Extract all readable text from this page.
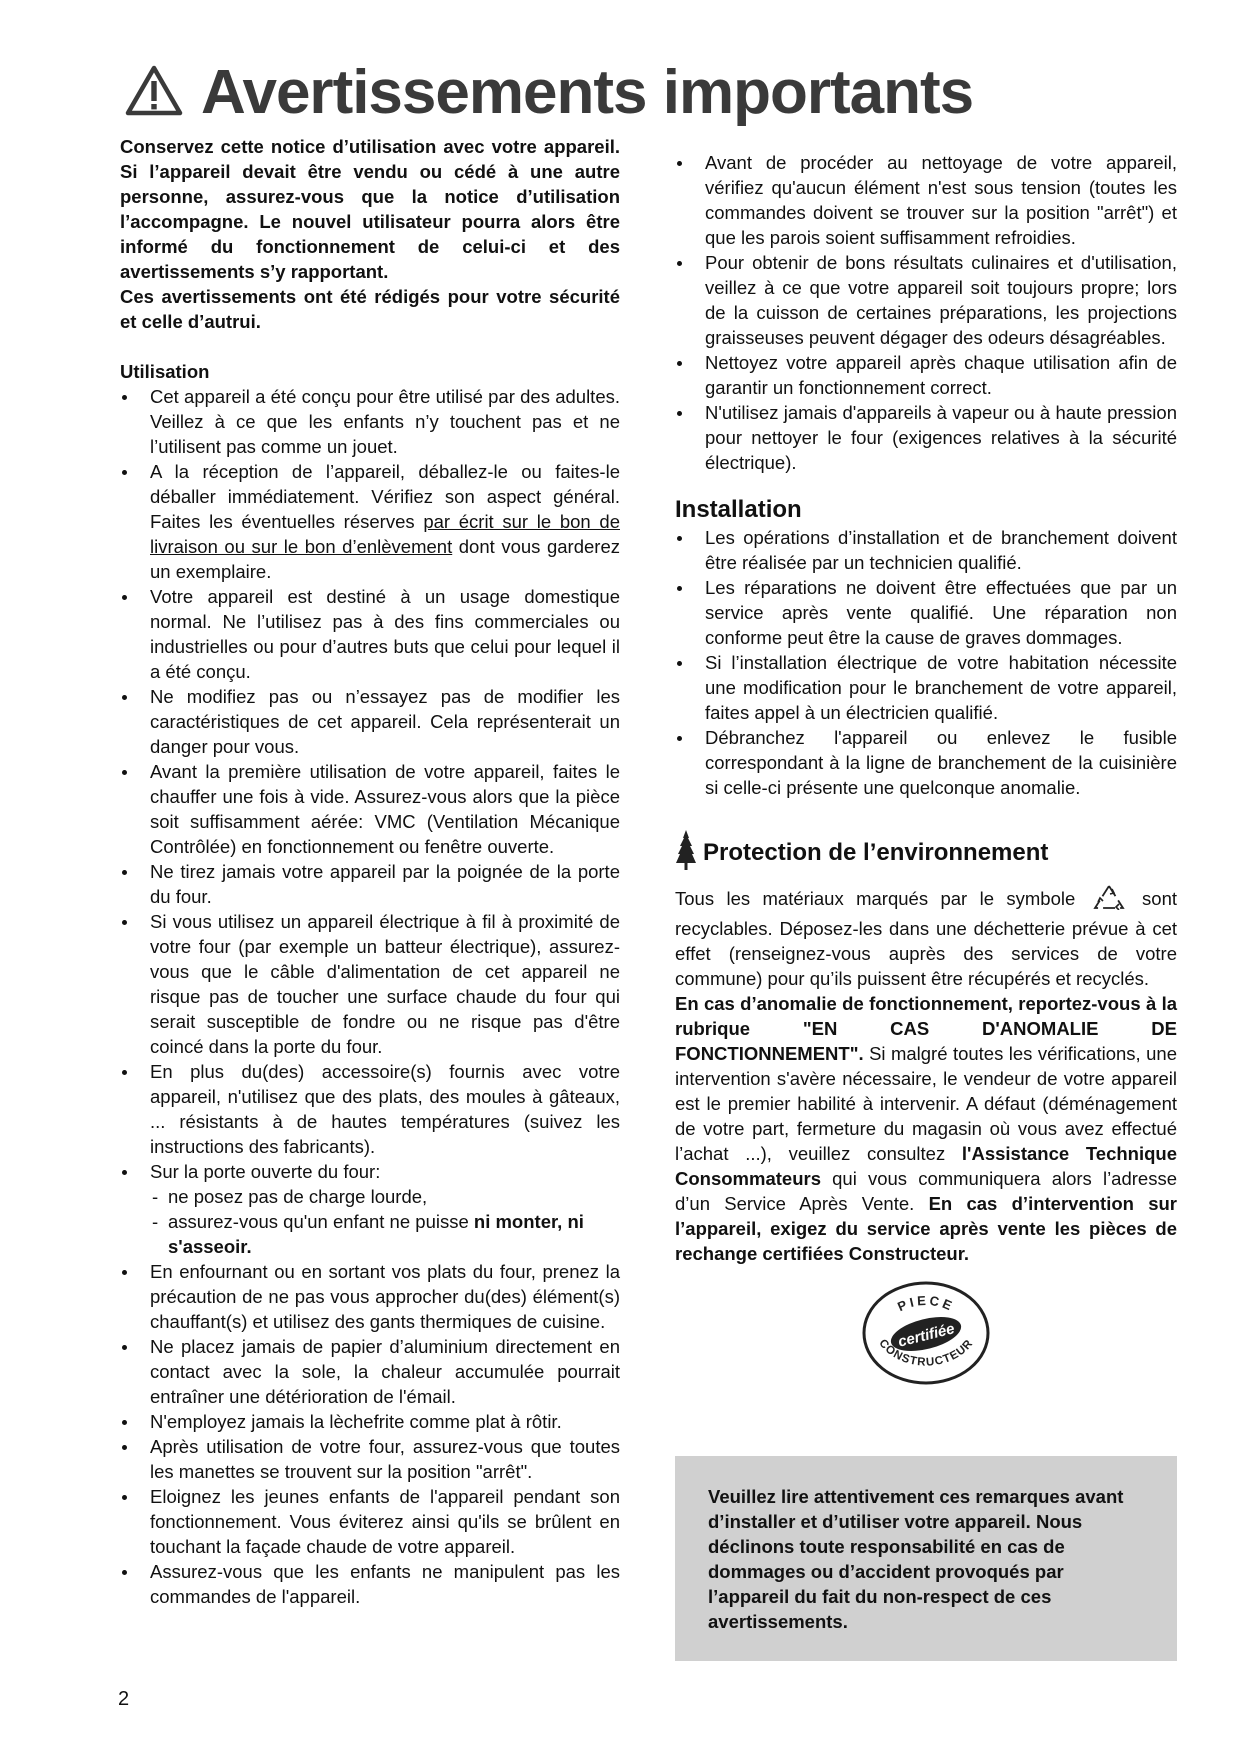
Avertissements importants

Conservez cette notice d’utilisation avec votre appareil. Si l’appareil devait être vendu ou cédé à une autre personne, assurez-vous que la notice d’utilisation l’accompagne. Le nouvel utilisateur pourra alors être informé du fonctionnement de celui-ci et des avertissements s’y rapportant.

Ces avertissements ont été rédigés pour votre sécurité et celle d’autrui.

Utilisation
Cet appareil a été conçu pour être utilisé par des adultes. Veillez à ce que les enfants n’y touchent pas et ne l’utilisent pas comme un jouet.
A la réception de l’appareil, déballez-le ou faites-le déballer immédiatement. Vérifiez son aspect général. Faites les éventuelles réserves par écrit sur le bon de livraison ou sur le bon d’enlèvement dont vous garderez un exemplaire.
Votre appareil est destiné à un usage domestique normal. Ne l’utilisez pas à des fins commerciales ou industrielles ou pour d’autres buts que celui pour lequel il a été conçu.
Ne modifiez pas ou n’essayez pas de modifier les caractéristiques de cet appareil. Cela représenterait un danger pour vous.
Avant la première utilisation de votre appareil, faites le chauffer une fois à vide. Assurez-vous alors que la pièce soit suffisamment aérée: VMC (Ventilation Mécanique Contrôlée) en fonctionnement ou fenêtre ouverte.
Ne tirez jamais votre appareil par la poignée de la porte du four.
Si vous utilisez un appareil électrique à fil à proximité de votre four (par exemple un batteur électrique), assurez-vous que le câble d'alimentation de cet appareil ne risque pas de toucher une surface chaude du four qui serait susceptible de fondre ou ne risque pas d'être coincé dans la porte du four.
En plus du(des) accessoire(s) fournis avec votre appareil, n'utilisez que des plats, des moules à gâteaux, ... résistants à de hautes températures (suivez les instructions des fabricants).
Sur la porte ouverte du four:
- ne posez pas de charge lourde,
- assurez-vous qu'un enfant ne puisse ni monter, ni s'asseoir.
En enfournant ou en sortant vos plats du four, prenez la précaution de ne pas vous approcher du(des) élément(s) chauffant(s) et utilisez des gants thermiques de cuisine.
Ne placez jamais de papier d’aluminium directement en contact avec la sole, la chaleur accumulée pourrait entraîner une détérioration de l'émail.
N'employez jamais la lèchefrite comme plat à rôtir.
Après utilisation de votre four, assurez-vous que toutes les manettes se trouvent sur la position "arrêt".
Eloignez les jeunes enfants de l'appareil pendant son fonctionnement. Vous éviterez ainsi qu'ils se brûlent en touchant la façade chaude de votre appareil.
Assurez-vous que les enfants ne manipulent pas les commandes de l'appareil.
Avant de procéder au nettoyage de votre appareil, vérifiez qu'aucun élément n'est sous tension (toutes les commandes doivent se trouver sur la position "arrêt") et que les parois soient suffisamment refroidies.
Pour obtenir de bons résultats culinaires et d'utilisation, veillez à ce que votre appareil soit toujours propre; lors de la cuisson de certaines préparations, les projections graisseuses peuvent dégager des odeurs désagréables.
Nettoyez votre appareil après chaque utilisation afin de garantir un fonctionnement correct.
N'utilisez jamais d'appareils à vapeur ou à haute pression pour nettoyer le four (exigences relatives à la sécurité électrique).
Installation
Les opérations d’installation et de branchement doivent être réalisée par un technicien qualifié.
Les réparations ne doivent être effectuées que par un service après vente qualifié. Une réparation non conforme peut être la cause de graves dommages.
Si l’installation électrique de votre habitation nécessite une modification pour le branchement de votre appareil, faites appel à un électricien qualifié.
Débranchez l'appareil ou enlevez le fusible correspondant à la ligne de branchement de la cuisinière si celle-ci présente une quelconque anomalie.
Protection de l’environnement

Tous les matériaux marqués par le symbole	sont recyclables. Déposez-les dans une déchetterie prévue à cet effet (renseignez-vous auprès des services de votre commune) pour qu’ils puissent être récupérés et recyclés.

En cas d’anomalie de fonctionnement, reportez-vous à la rubrique "EN CAS D'ANOMALIE DE FONCTIONNEMENT". Si malgré toutes les vérifications, une intervention s'avère nécessaire, le vendeur de votre appareil est le premier habilité à intervenir. A défaut (déménagement de votre part, fermeture du magasin où vous avez effectué l’achat ...), veuillez consultez l'Assistance Technique Consommateurs qui vous communiquera alors l’adresse d’un Service Après Vente. En cas d’intervention sur l’appareil, exigez du service après vente les pièces de rechange certifiées Constructeur.

PIECE
certifiée
CONSTRUCTEUR
Veuillez lire attentivement ces remarques avant d’installer et d’utiliser votre appareil. Nous déclinons toute responsabilité en cas de dommages ou d’accident provoqués par l’appareil du fait du non-respect de ces avertissements.
2
